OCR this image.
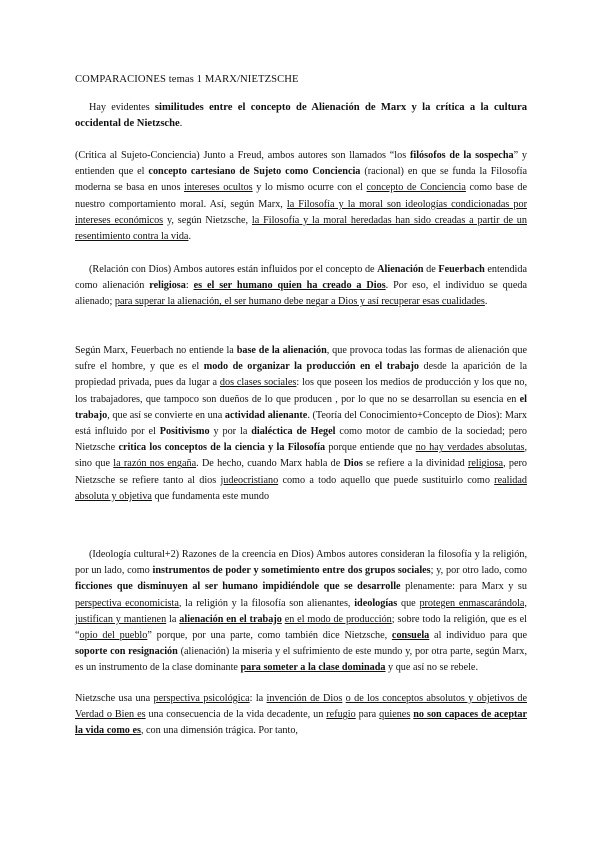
COMPARACIONES temas 1 MARX/NIETZSCHE

Hay evidentes similitudes entre el concepto de Alienación de Marx y la crítica a la cultura occidental de Nietzsche.

(Critica al Sujeto-Conciencia) Junto a Freud, ambos autores son llamados “los filósofos de la sospecha” y entienden que el concepto cartesiano de Sujeto como Conciencia (racional) en que se funda la Filosofía moderna se basa en unos intereses ocultos y lo mismo ocurre con el concepto de Conciencia como base de nuestro comportamiento moral. Así, según Marx, la Filosofía y la moral son ideologías condicionadas por intereses económicos y, según Nietzsche, la Filosofía y la moral heredadas han sido creadas a partir de un resentimiento contra la vida.

(Relación con Dios) Ambos autores están influidos por el concepto de Alienación de Feuerbach entendida como alienación religiosa: es el ser humano quien ha creado a Dios. Por eso, el individuo se queda alienado; para superar la alienación, el ser humano debe negar a Dios y así recuperar esas cualidades.

Según Marx, Feuerbach no entiende la base de la alienación, que provoca todas las formas de alienación que sufre el hombre, y que es el modo de organizar la producción en el trabajo desde la aparición de la propiedad privada, pues da lugar a dos clases sociales: los que poseen los medios de producción y los que no, los trabajadores, que tampoco son dueños de lo que producen , por lo que no se desarrollan su esencia en el trabajo, que así se convierte en una actividad alienante. (Teoría del Conocimiento+Concepto de Dios): Marx está influido por el Positivismo y por la dialéctica de Hegel como motor de cambio de la sociedad; pero Nietzsche critica los conceptos de la ciencia y la Filosofía porque entiende que no hay verdades absolutas, sino que la razón nos engaña. De hecho, cuando Marx habla de Dios se refiere a la divinidad religiosa, pero Nietzsche se refiere tanto al dios judeocristiano como a todo aquello que puede sustituirlo como realidad absoluta y objetiva que fundamenta este mundo

(Ideología cultural+2) Razones de la creencia en Dios) Ambos autores consideran la filosofía y la religión, por un lado, como instrumentos de poder y sometimiento entre dos grupos sociales; y, por otro lado, como ficciones que disminuyen al ser humano impidiéndole que se desarrolle plenamente: para Marx y su perspectiva economicista, la religión y la filosofía son alienantes, ideologías que protegen enmascarándola, justifican y mantienen la alienación en el trabajo en el modo de producción; sobre todo la religión, que es el “opio del pueblo” porque, por una parte, como también dice Nietzsche, consuela al individuo para que soporte con resignación (alienación) la miseria y el sufrimiento de este mundo y, por otra parte, según Marx, es un instrumento de la clase dominante para someter a la clase dominada y que así no se rebele.

Nietzsche usa una perspectiva psicológica: la invención de Dios o de los conceptos absolutos y objetivos de Verdad o Bien es una consecuencia de la vida decadente, un refugio para quienes no son capaces de aceptar la vida como es, con una dimensión trágica. Por tanto,
